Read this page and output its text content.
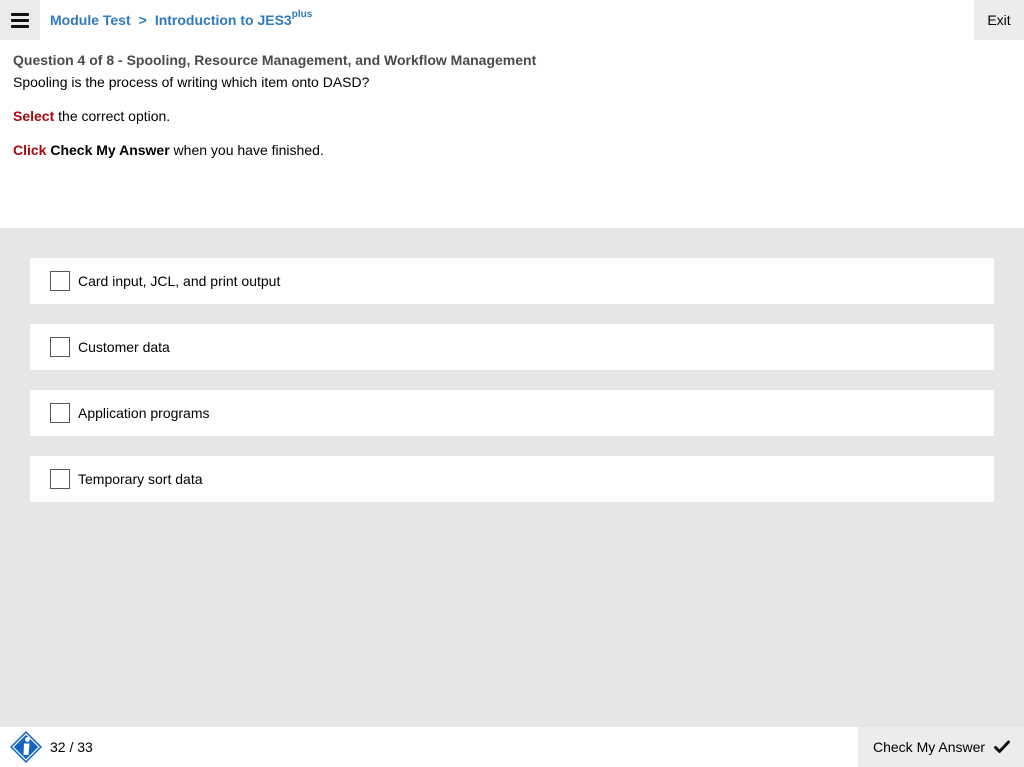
Module Test > Introduction to $JES3^{plus}$	Exit
Question 4 of 8 - Spooling, Resource Management, and Workflow Management
Spooling is the process of writing which item onto DASD?
Select the correct option.
Click Check My Answer when you have finished.
Card input, JCL, and print output
Customer data
Application programs
Temporary sort data
32 / 33	Check My Answer
